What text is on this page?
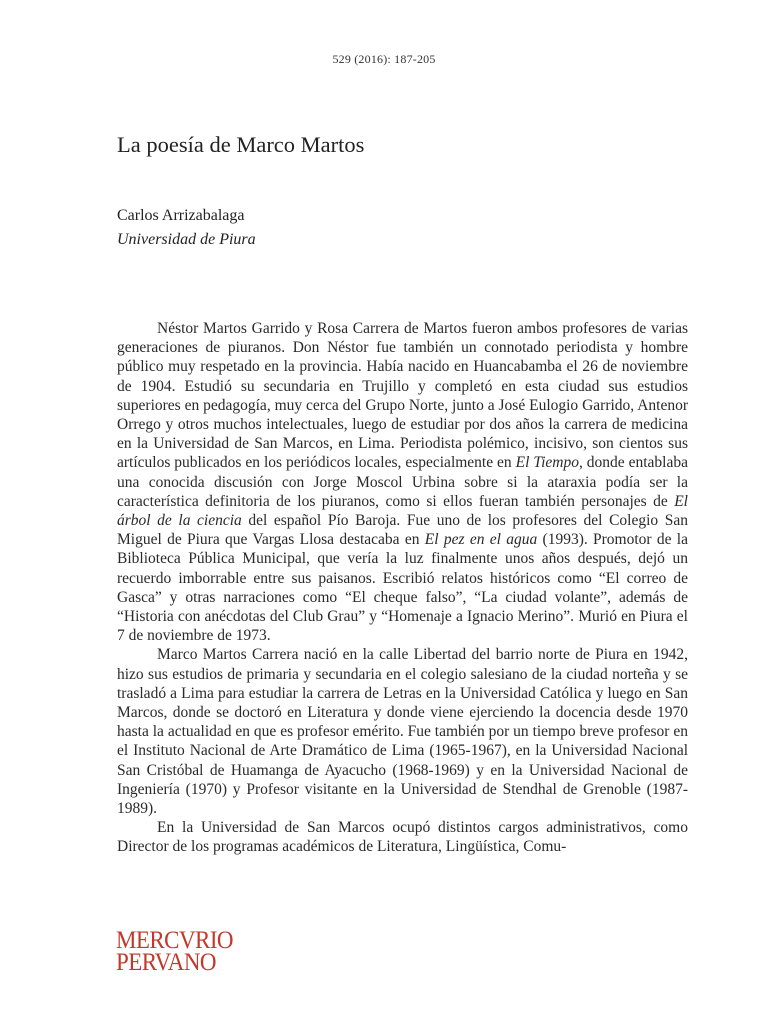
529 (2016): 187-205
La poesía de Marco Martos
Carlos Arrizabalaga
Universidad de Piura

Néstor Martos Garrido y Rosa Carrera de Martos fueron ambos profesores de varias generaciones de piuranos. Don Néstor fue también un connotado periodista y hombre público muy respetado en la provincia. Había nacido en Huancabamba el 26 de noviembre de 1904. Estudió su secundaria en Trujillo y completó en esta ciudad sus estudios superiores en pedagogía, muy cerca del Grupo Norte, junto a José Eulogio Garrido, Antenor Orrego y otros muchos intelectuales, luego de estudiar por dos años la carrera de medicina en la Universidad de San Marcos, en Lima. Periodista polémico, incisivo, son cientos sus artículos publicados en los periódicos locales, especialmente en El Tiempo, donde entablaba una conocida discusión con Jorge Moscol Urbina sobre si la ataraxia podía ser la característica definitoria de los piuranos, como si ellos fueran también personajes de El árbol de la ciencia del español Pío Baroja. Fue uno de los profesores del Colegio San Miguel de Piura que Vargas Llosa destacaba en El pez en el agua (1993). Promotor de la Biblioteca Pública Municipal, que vería la luz finalmente unos años después, dejó un recuerdo imborrable entre sus paisanos. Escribió relatos históricos como “El correo de Gasca” y otras narraciones como “El cheque falso”, “La ciudad volante”, además de “Historia con anécdotas del Club Grau” y “Homenaje a Ignacio Merino”. Murió en Piura el 7 de noviembre de 1973.

Marco Martos Carrera nació en la calle Libertad del barrio norte de Piura en 1942, hizo sus estudios de primaria y secundaria en el colegio salesiano de la ciudad norteña y se trasladó a Lima para estudiar la carrera de Letras en la Universidad Católica y luego en San Marcos, donde se doctoró en Literatura y donde viene ejerciendo la docencia desde 1970 hasta la actualidad en que es profesor emérito. Fue también por un tiempo breve profesor en el Instituto Nacional de Arte Dramático de Lima (1965-1967), en la Universidad Nacional San Cristóbal de Huamanga de Ayacucho (1968-1969) y en la Universidad Nacional de Ingeniería (1970) y Profesor visitante en la Universidad de Stendhal de Grenoble (1987-1989).

En la Universidad de San Marcos ocupó distintos cargos administrativos, como Director de los programas académicos de Literatura, Lingüística, Comu-

MERCVRIO
PERVANO
